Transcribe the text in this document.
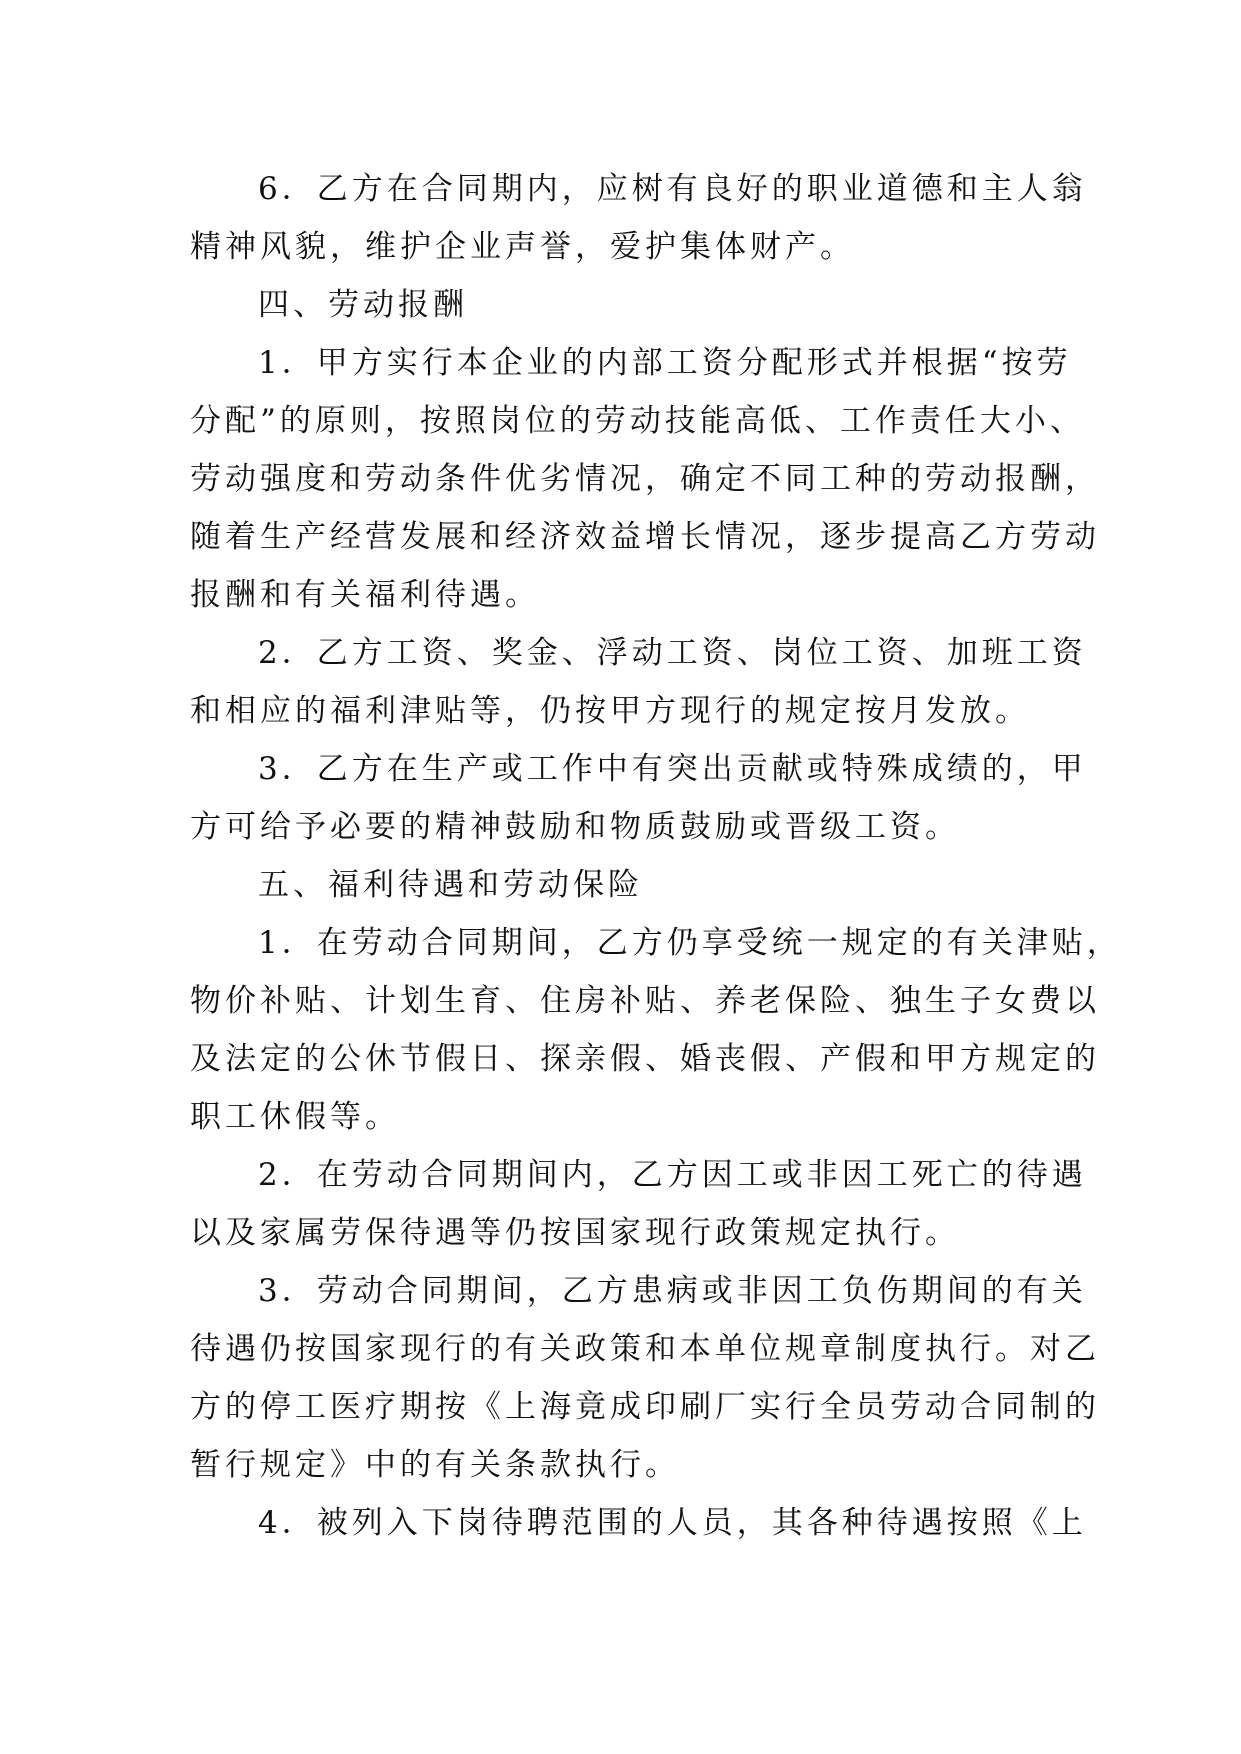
6．乙方在合同期内，应树有良好的职业道德和主人翁
精神风貌，维护企业声誉，爱护集体财产。
四、劳动报酬
1．甲方实行本企业的内部工资分配形式并根据“按劳
分配”的原则，按照岗位的劳动技能高低、工作责任大小、
劳动强度和劳动条件优劣情况，确定不同工种的劳动报酬，
随着生产经营发展和经济效益增长情况，逐步提高乙方劳动
报酬和有关福利待遇。
2．乙方工资、奖金、浮动工资、岗位工资、加班工资
和相应的福利津贴等，仍按甲方现行的规定按月发放。
3．乙方在生产或工作中有突出贡献或特殊成绩的，甲
方可给予必要的精神鼓励和物质鼓励或晋级工资。
五、福利待遇和劳动保险
1．在劳动合同期间，乙方仍享受统一规定的有关津贴，
物价补贴、计划生育、住房补贴、养老保险、独生子女费以
及法定的公休节假日、探亲假、婚丧假、产假和甲方规定的
职工休假等。
2．在劳动合同期间内，乙方因工或非因工死亡的待遇
以及家属劳保待遇等仍按国家现行政策规定执行。
3．劳动合同期间，乙方患病或非因工负伤期间的有关
待遇仍按国家现行的有关政策和本单位规章制度执行。对乙
方的停工医疗期按《上海竟成印刷厂实行全员劳动合同制的
暂行规定》中的有关条款执行。
4．被列入下岗待聘范围的人员，其各种待遇按照《上
